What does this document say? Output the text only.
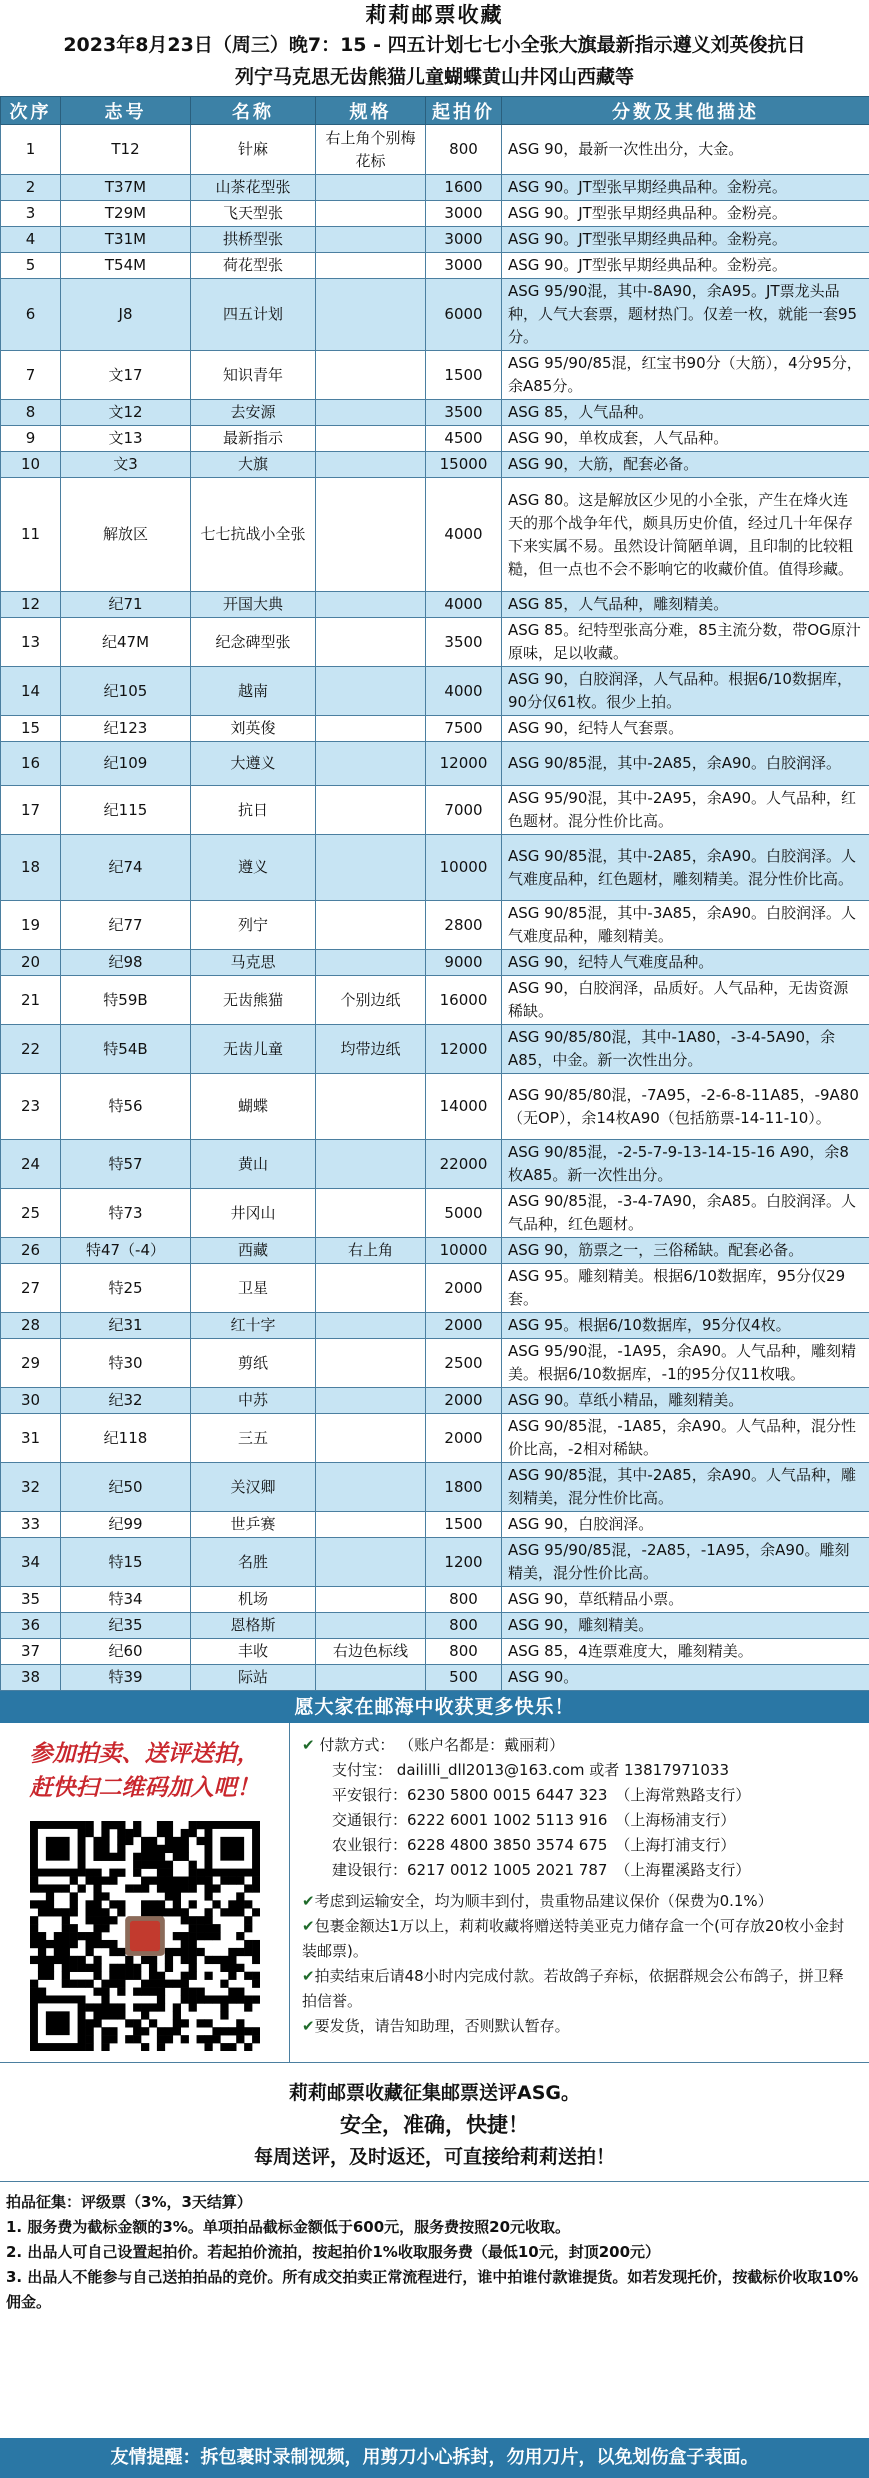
莉莉邮票收藏
2023年8月23日（周三）晚7：15 - 四五计划七七小全张大旗最新指示遵义刘英俊抗日
列宁马克思无齿熊猫儿童蝴蝶黄山井冈山西藏等
次序	志号	名称	规格	起拍价	分数及其他描述
1	T12	针麻	右上角个别梅花标	800	ASG 90，最新一次性出分，大金。
2	T37M	山茶花型张		1600	ASG 90。JT型张早期经典品种。金粉亮。
3	T29M	飞天型张		3000	ASG 90。JT型张早期经典品种。金粉亮。
4	T31M	拱桥型张		3000	ASG 90。JT型张早期经典品种。金粉亮。
5	T54M	荷花型张		3000	ASG 90。JT型张早期经典品种。金粉亮。
6	J8	四五计划		6000	ASG 95/90混，其中-8A90，余A95。JT票龙头品种，人气大套票，题材热门。仅差一枚，就能一套95分。
7	文17	知识青年		1500	ASG 95/90/85混，红宝书90分（大筋），4分95分，余A85分。
8	文12	去安源		3500	ASG 85，人气品种。
9	文13	最新指示		4500	ASG 90，单枚成套，人气品种。
10	文3	大旗		15000	ASG 90，大筋，配套必备。
11	解放区	七七抗战小全张		4000	ASG 80。这是解放区少见的小全张，产生在烽火连天的那个战争年代，颇具历史价值，经过几十年保存下来实属不易。虽然设计简陋单调，且印制的比较粗糙，但一点也不会不影响它的收藏价值。值得珍藏。
12	纪71	开国大典		4000	ASG 85，人气品种，雕刻精美。
13	纪47M	纪念碑型张		3500	ASG 85。纪特型张高分难，85主流分数，带OG原汁原味，足以收藏。
14	纪105	越南		4000	ASG 90，白胶润泽，人气品种。根据6/10数据库，90分仅61枚。很少上拍。
15	纪123	刘英俊		7500	ASG 90，纪特人气套票。
16	纪109	大遵义		12000	ASG 90/85混，其中-2A85，余A90。白胶润泽。
17	纪115	抗日		7000	ASG 95/90混，其中-2A95，余A90。人气品种，红色题材。混分性价比高。
18	纪74	遵义		10000	ASG 90/85混，其中-2A85，余A90。白胶润泽。人气难度品种，红色题材，雕刻精美。混分性价比高。
19	纪77	列宁		2800	ASG 90/85混，其中-3A85，余A90。白胶润泽。人气难度品种，雕刻精美。
20	纪98	马克思		9000	ASG 90，纪特人气难度品种。
21	特59B	无齿熊猫	个别边纸	16000	ASG 90，白胶润泽，品质好。人气品种，无齿资源稀缺。
22	特54B	无齿儿童	均带边纸	12000	ASG 90/85/80混，其中-1A80，-3-4-5A90，余A85，中金。新一次性出分。
23	特56	蝴蝶		14000	ASG 90/85/80混，-7A95，-2-6-8-11A85，-9A80（无OP），余14枚A90（包括筋票-14-11-10）。
24	特57	黄山		22000	ASG 90/85混，-2-5-7-9-13-14-15-16 A90，余8枚A85。新一次性出分。
25	特73	井冈山		5000	ASG 90/85混，-3-4-7A90，余A85。白胶润泽。人气品种，红色题材。
26	特47（-4）	西藏	右上角	10000	ASG 90，筋票之一，三俗稀缺。配套必备。
27	特25	卫星		2000	ASG 95。雕刻精美。根据6/10数据库，95分仅29套。
28	纪31	红十字		2000	ASG 95。根据6/10数据库，95分仅4枚。
29	特30	剪纸		2500	ASG 95/90混，-1A95，余A90。人气品种，雕刻精美。根据6/10数据库，-1的95分仅11枚哦。
30	纪32	中苏		2000	ASG 90。草纸小精品，雕刻精美。
31	纪118	三五		2000	ASG 90/85混，-1A85，余A90。人气品种，混分性价比高，-2相对稀缺。
32	纪50	关汉卿		1800	ASG 90/85混，其中-2A85，余A90。人气品种，雕刻精美，混分性价比高。
33	纪99	世乒赛		1500	ASG 90，白胶润泽。
34	特15	名胜		1200	ASG 95/90/85混，-2A85，-1A95，余A90。雕刻精美，混分性价比高。
35	特34	机场		800	ASG 90，草纸精品小票。
36	纪35	恩格斯		800	ASG 90，雕刻精美。
37	纪60	丰收	右边色标线	800	ASG 85，4连票难度大，雕刻精美。
38	特39	际站		500	ASG 90。
愿大家在邮海中收获更多快乐！
参加拍卖、送评送拍，
赶快扫二维码加入吧！
✔ 付款方式： （账户名都是：戴丽莉）
支付宝： daililli_dll2013@163.com 或者 13817971033
平安银行：6230 5800 0015 6447 323 （上海常熟路支行）
交通银行：6222 6001 1002 5113 916 （上海杨浦支行）
农业银行：6228 4800 3850 3574 675 （上海打浦支行）
建设银行：6217 0012 1005 2021 787 （上海瞿溪路支行）
✔考虑到运输安全，均为顺丰到付，贵重物品建议保价（保费为0.1%）
✔包裹金额达1万以上，莉莉收藏将赠送特美亚克力储存盒一个(可存放20枚小金封装邮票)。
✔拍卖结束后请48小时内完成付款。若故鸽子弃标，依据群规会公布鸽子，拼卫释拍信誉。
✔要发货，请告知助理，否则默认暂存。
莉莉邮票收藏征集邮票送评ASG。
安全，准确，快捷！
每周送评，及时返还，可直接给莉莉送拍！
拍品征集：评级票（3%，3天结算）
1. 服务费为截标金额的3%。单项拍品截标金额低于600元，服务费按照20元收取。
2. 出品人可自己设置起拍价。若起拍价流拍，按起拍价1%收取服务费（最低10元，封顶200元）
3. 出品人不能参与自己送拍拍品的竞价。所有成交拍卖正常流程进行，谁中拍谁付款谁提货。如若发现托价，按截标价收取10%佣金。
友情提醒：拆包裹时录制视频，用剪刀小心拆封，勿用刀片，以免划伤盒子表面。
